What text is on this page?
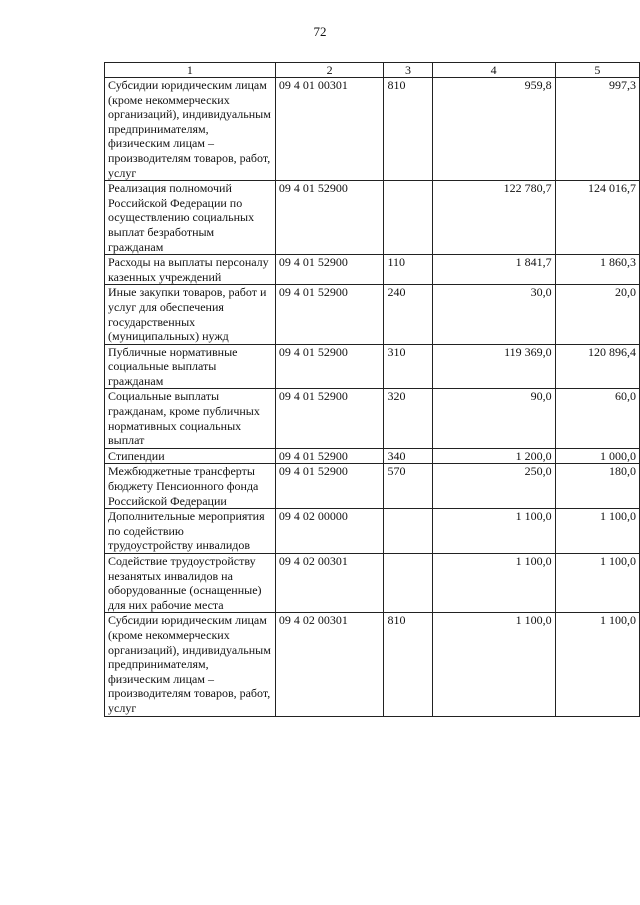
72
1	2	3	4	5
Субсидии юридическим лицам (кроме некоммерческих организаций), индивидуальным предпринимателям, физическим лицам – производителям товаров, работ, услуг	09 4 01 00301	810	959,8	997,3
Реализация полномочий Российской Федерации по осуществлению социальных выплат безработным гражданам	09 4 01 52900		122 780,7	124 016,7
Расходы на выплаты персоналу казенных учреждений	09 4 01 52900	110	1 841,7	1 860,3
Иные закупки товаров, работ и услуг для обеспечения государственных (муниципальных) нужд	09 4 01 52900	240	30,0	20,0
Публичные нормативные социальные выплаты гражданам	09 4 01 52900	310	119 369,0	120 896,4
Социальные выплаты гражданам, кроме публичных нормативных социальных выплат	09 4 01 52900	320	90,0	60,0
Стипендии	09 4 01 52900	340	1 200,0	1 000,0
Межбюджетные трансферты бюджету Пенсионного фонда Российской Федерации	09 4 01 52900	570	250,0	180,0
Дополнительные мероприятия по содействию трудоустройству инвалидов	09 4 02 00000		1 100,0	1 100,0
Содействие трудоустройству незанятых инвалидов на оборудованные (оснащенные) для них рабочие места	09 4 02 00301		1 100,0	1 100,0
Субсидии юридическим лицам (кроме некоммерческих организаций), индивидуальным предпринимателям, физическим лицам – производителям товаров, работ, услуг	09 4 02 00301	810	1 100,0	1 100,0
